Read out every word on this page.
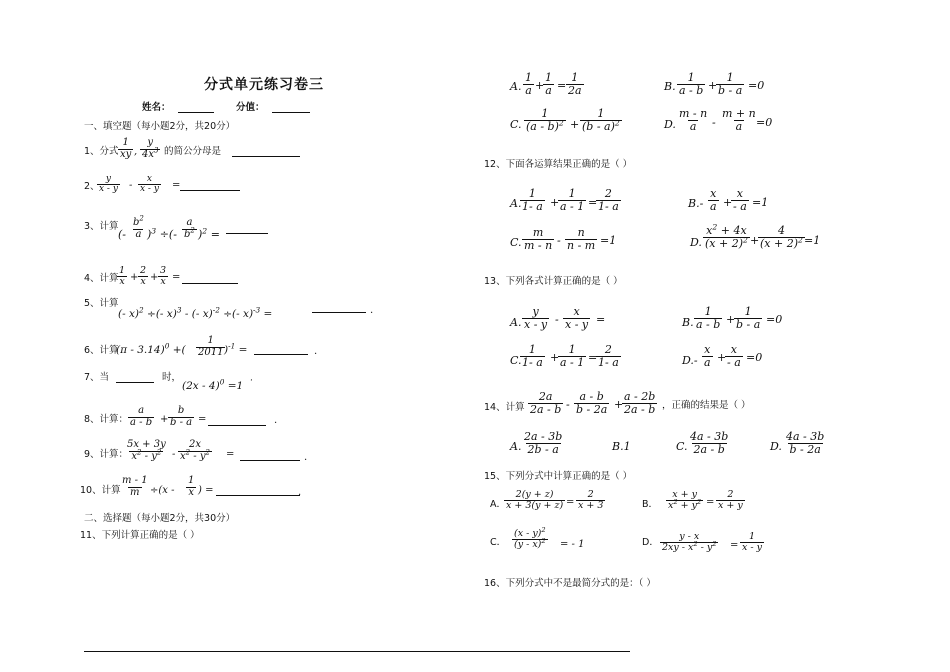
分式单元练习卷三
姓名：	分值：
一、填空题（每小题2分，共20分）
1、分式
1
xy ,
y
$4x^3$ 的简公分母是
2、
y
x - y -
x
x - y =
3、计算
(-
$b^2$
a )$^3$ ÷(-
a
$b^2$ )$^2$ =
4、计算
1
x +
2
x +
3
x =
5、计算
(- x)$^2$ ÷(- x)$^3$ - (- x)$^{-2}$ ÷(- x)$^{-3}$ =	.
6、计算
(π - 3.14)$^0$ +(
1
2011 )$^{-1}$ =	.
7、当	时，
(2x - 4)$^0$ =1 ·
8、计算：
a
a - b +
b
b - a =	.
9、计算：
5x + 3y
$x^2 - y^2$ -
2x
$x^2 - y^2$ =	.
10、计算
m - 1
m ÷(x -
1
x ) =	.
二、选择题（每小题2分，共30分）
11、下列计算正确的是（ ）
A.
1
a +
1
a =
1
2a	B.
1
a - b +
1
b - a =0
C.
1
(a - b)$^2$ +
1
(b - a)$^2$	D.
m - n
a -
m + n
a =0
12、下面各运算结果正确的是（ ）
A.
1
1- a +
1
a - 1 =
2
1- a	B.-
x
a +
x
- a =1
C.
m
m - n -
n
n - m =1	D.
$x^2 + 4x$
$(x + 2)^2$ +
4
$(x + 2)^2 =1$
13、下列各式计算正确的是（ ）
A.
y
x - y -
x
x - y =	B.
1
a - b +
1
b - a =0
C.
1
1- a +
1
a - 1 =
2
1- a	D.-
x
a +
x
- a =0
14、计算
2a
2a - b -
a - b
b - 2a +
a - 2b
2a - b ，正确的结果是（ ）
A.
2a - 3b
2b - a	B.1	C.
4a - 3b
2a - b	D.
4a - 3b
b - 2a
15、下列分式中计算正确的是（ ）
A．
2(y + z)
x + 3(y + z) =
2
x + 3	B．
x + y
$x^2 + y^2$ =
2
x + y
C．
(x - y)$^2$
(y - x)$^2$ = - 1	D．
y - x
$2xy - x^2 - y^2$ =
1
x - y
16、下列分式中不是最简分式的是：（ ）
